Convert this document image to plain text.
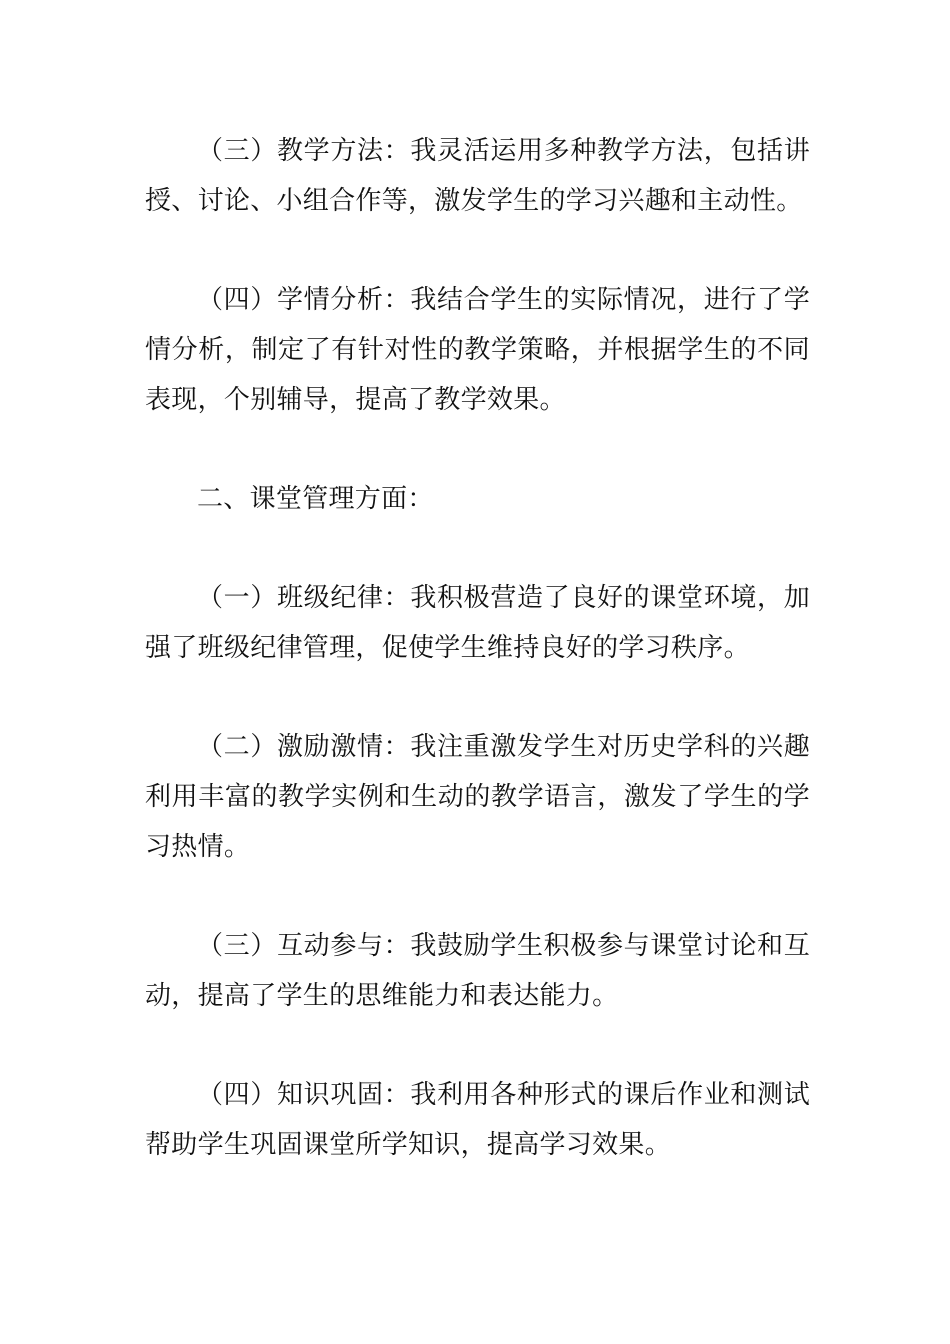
（三）教学方法：我灵活运用多种教学方法，包括讲授、讨论、小组合作等，激发学生的学习兴趣和主动性。

（四）学情分析：我结合学生的实际情况，进行了学情分析，制定了有针对性的教学策略，并根据学生的不同表现，个别辅导，提高了教学效果。

二、课堂管理方面：

（一）班级纪律：我积极营造了良好的课堂环境，加强了班级纪律管理，促使学生维持良好的学习秩序。

（二）激励激情：我注重激发学生对历史学科的兴趣利用丰富的教学实例和生动的教学语言，激发了学生的学习热情。

（三）互动参与：我鼓励学生积极参与课堂讨论和互动，提高了学生的思维能力和表达能力。

（四）知识巩固：我利用各种形式的课后作业和测试帮助学生巩固课堂所学知识，提高学习效果。
